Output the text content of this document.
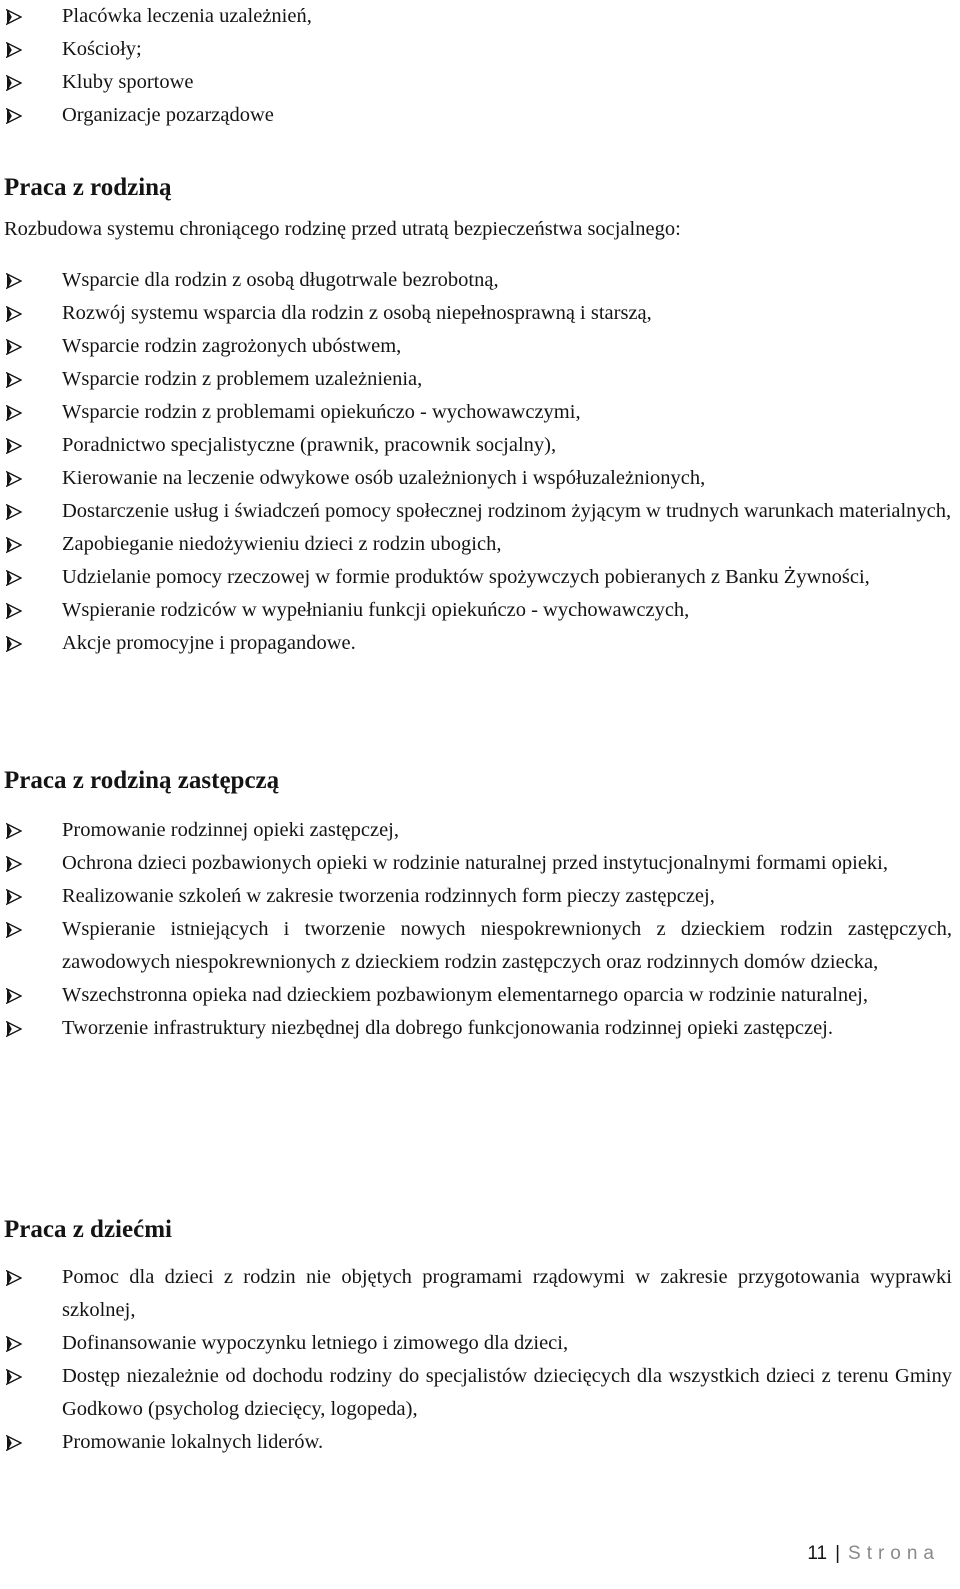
Placówka leczenia uzależnień,
Kościoły;
Kluby sportowe
Organizacje pozarządowe
Praca z rodziną

Rozbudowa systemu chroniącego rodzinę przed utratą bezpieczeństwa socjalnego:

Wsparcie dla rodzin z osobą długotrwale bezrobotną,
Rozwój systemu wsparcia dla rodzin z osobą niepełnosprawną i starszą,
Wsparcie rodzin zagrożonych ubóstwem,
Wsparcie rodzin z problemem uzależnienia,
Wsparcie rodzin z problemami opiekuńczo - wychowawczymi,
Poradnictwo specjalistyczne (prawnik, pracownik socjalny),
Kierowanie na leczenie odwykowe osób uzależnionych i współuzależnionych,
Dostarczenie usług i świadczeń pomocy społecznej rodzinom żyjącym w trudnych warunkach materialnych,
Zapobieganie niedożywieniu dzieci z rodzin ubogich,
Udzielanie pomocy rzeczowej w formie produktów spożywczych pobieranych z Banku Żywności,
Wspieranie rodziców w wypełnianiu funkcji opiekuńczo - wychowawczych,
Akcje promocyjne i propagandowe.
Praca z rodziną zastępczą
Promowanie rodzinnej opieki zastępczej,
Ochrona dzieci pozbawionych opieki w rodzinie naturalnej przed instytucjonalnymi formami opieki,
Realizowanie szkoleń w zakresie tworzenia rodzinnych form pieczy zastępczej,
Wspieranie istniejących i tworzenie nowych niespokrewnionych z dzieckiem rodzin zastępczych, zawodowych niespokrewnionych z dzieckiem rodzin zastępczych oraz rodzinnych domów dziecka,
Wszechstronna opieka nad dzieckiem pozbawionym elementarnego oparcia w rodzinie naturalnej,
Tworzenie infrastruktury niezbędnej dla dobrego funkcjonowania rodzinnej opieki zastępczej.
Praca z dziećmi
Pomoc dla dzieci z rodzin nie objętych programami rządowymi w zakresie przygotowania wyprawki szkolnej,
Dofinansowanie wypoczynku letniego i zimowego dla dzieci,
Dostęp niezależnie od dochodu rodziny do specjalistów dziecięcych dla wszystkich dzieci z terenu Gminy Godkowo (psycholog dziecięcy, logopeda),
Promowanie lokalnych liderów.
11 | Strona
